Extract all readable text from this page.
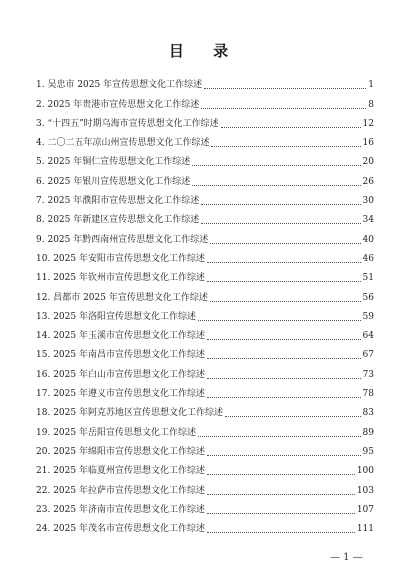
目 录
1.
吴忠市 2025 年宣传思想文化工作综述	1
2.
2025 年贵港市宣传思想文化工作综述	8
3.
“十四五”时期乌海市宣传思想文化工作综述	12
4.
二〇二五年凉山州宣传思想文化工作综述	16
5.
2025 年铜仁宣传思想文化工作综述	20
6.
2025 年银川宣传思想文化工作综述	26
7.
2025 年濮阳市宣传思想文化工作综述	30
8.
2025 年新建区宣传思想文化工作综述	34
9.
2025 年黔西南州宣传思想文化工作综述	40
10.
2025 年安阳市宣传思想文化工作综述	46
11.
2025 年钦州市宣传思想文化工作综述	51
12.
昌都市 2025 年宣传思想文化工作综述	56
13.
2025 年洛阳宣传思想文化工作综述	59
14.
2025 年玉溪市宣传思想文化工作综述	64
15.
2025 年南昌市宣传思想文化工作综述	67
16.
2025 年白山市宣传思想文化工作综述	73
17.
2025 年遵义市宣传思想文化工作综述	78
18.
2025 年阿克苏地区宣传思想文化工作综述	83
19.
2025 年岳阳宣传思想文化工作综述	89
20.
2025 年绵阳市宣传思想文化工作综述	95
21.
2025 年临夏州宣传思想文化工作综述	100
22.
2025 年拉萨市宣传思想文化工作综述	103
23.
2025 年济南市宣传思想文化工作综述	107
24.
2025 年茂名市宣传思想文化工作综述	111
— 1 —
